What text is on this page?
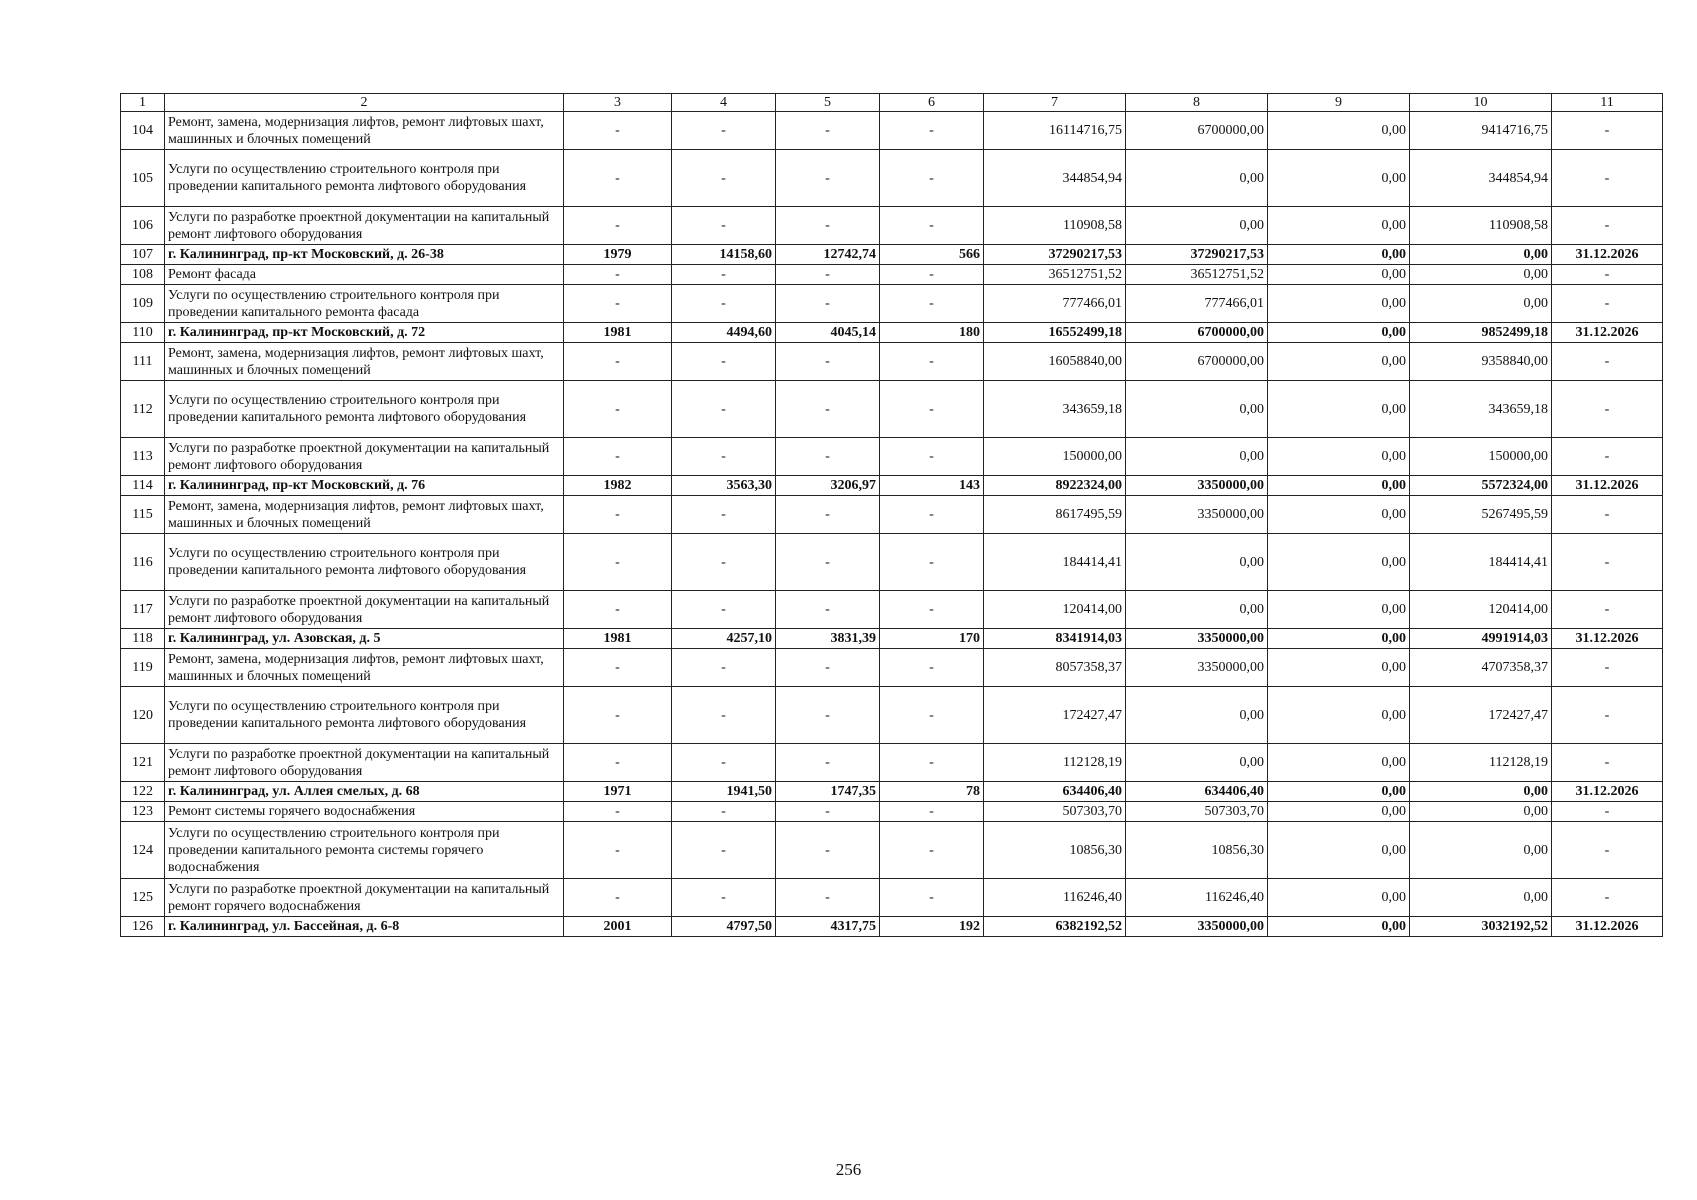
1	2	3	4	5	6	7	8	9	10	11
104	Ремонт, замена, модернизация лифтов, ремонт лифтовых шахт, машинных и блочных помещений	-	-	-	-	16114716,75	6700000,00	0,00	9414716,75	-
105	Услуги по осуществлению строительного контроля при проведении капитального ремонта лифтового оборудования	-	-	-	-	344854,94	0,00	0,00	344854,94	-
106	Услуги по разработке проектной документации на капитальный ремонт лифтового оборудования	-	-	-	-	110908,58	0,00	0,00	110908,58	-
107	г. Калининград, пр-кт Московский, д. 26-38	1979	14158,60	12742,74	566	37290217,53	37290217,53	0,00	0,00	31.12.2026
108	Ремонт фасада	-	-	-	-	36512751,52	36512751,52	0,00	0,00	-
109	Услуги по осуществлению строительного контроля при проведении капитального ремонта фасада	-	-	-	-	777466,01	777466,01	0,00	0,00	-
110	г. Калининград, пр-кт Московский, д. 72	1981	4494,60	4045,14	180	16552499,18	6700000,00	0,00	9852499,18	31.12.2026
111	Ремонт, замена, модернизация лифтов, ремонт лифтовых шахт, машинных и блочных помещений	-	-	-	-	16058840,00	6700000,00	0,00	9358840,00	-
112	Услуги по осуществлению строительного контроля при проведении капитального ремонта лифтового оборудования	-	-	-	-	343659,18	0,00	0,00	343659,18	-
113	Услуги по разработке проектной документации на капитальный ремонт лифтового оборудования	-	-	-	-	150000,00	0,00	0,00	150000,00	-
114	г. Калининград, пр-кт Московский, д. 76	1982	3563,30	3206,97	143	8922324,00	3350000,00	0,00	5572324,00	31.12.2026
115	Ремонт, замена, модернизация лифтов, ремонт лифтовых шахт, машинных и блочных помещений	-	-	-	-	8617495,59	3350000,00	0,00	5267495,59	-
116	Услуги по осуществлению строительного контроля при проведении капитального ремонта лифтового оборудования	-	-	-	-	184414,41	0,00	0,00	184414,41	-
117	Услуги по разработке проектной документации на капитальный ремонт лифтового оборудования	-	-	-	-	120414,00	0,00	0,00	120414,00	-
118	г. Калининград, ул. Азовская, д. 5	1981	4257,10	3831,39	170	8341914,03	3350000,00	0,00	4991914,03	31.12.2026
119	Ремонт, замена, модернизация лифтов, ремонт лифтовых шахт, машинных и блочных помещений	-	-	-	-	8057358,37	3350000,00	0,00	4707358,37	-
120	Услуги по осуществлению строительного контроля при проведении капитального ремонта лифтового оборудования	-	-	-	-	172427,47	0,00	0,00	172427,47	-
121	Услуги по разработке проектной документации на капитальный ремонт лифтового оборудования	-	-	-	-	112128,19	0,00	0,00	112128,19	-
122	г. Калининград, ул. Аллея смелых, д. 68	1971	1941,50	1747,35	78	634406,40	634406,40	0,00	0,00	31.12.2026
123	Ремонт системы горячего водоснабжения	-	-	-	-	507303,70	507303,70	0,00	0,00	-
124	Услуги по осуществлению строительного контроля при проведении капитального ремонта системы горячего водоснабжения	-	-	-	-	10856,30	10856,30	0,00	0,00	-
125	Услуги по разработке проектной документации на капитальный ремонт горячего водоснабжения	-	-	-	-	116246,40	116246,40	0,00	0,00	-
126	г. Калининград, ул. Бассейная, д. 6-8	2001	4797,50	4317,75	192	6382192,52	3350000,00	0,00	3032192,52	31.12.2026
256
